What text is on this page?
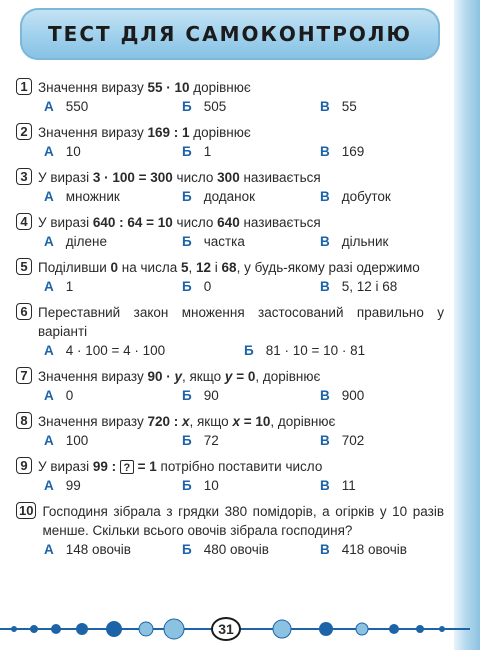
ТЕСТ ДЛЯ САМОКОНТРОЛЮ
1 Значення виразу 55 · 10 дорівнює
А 550	Б 505	В 55
2 Значення виразу 169 : 1 дорівнює
А 10	Б 1	В 169
3 У виразі 3 · 100 = 300 число 300 називається
А множник	Б доданок	В добуток
4 У виразі 640 : 64 = 10 число 640 називається
А ділене	Б частка	В дільник
5 Поділивши 0 на числа 5, 12 і 68, у будь-якому разі одержимо
А 1	Б 0	В 5, 12 і 68
6 Переставний закон множення застосований правильно у варіанті
А 4 · 100 = 4 · 100	Б 81 · 10 = 10 · 81
7 Значення виразу 90 · y, якщо y = 0, дорівнює
А 0	Б 90	В 900
8 Значення виразу 720 : x, якщо x = 10, дорівнює
А 100	Б 72	В 702
9 У виразі 99 : ? = 1 потрібно поставити число
А 99	Б 10	В 11
10 Господиня зібрала з грядки 380 помідорів, а огірків у 10 разів менше. Скільки всього овочів зібрала господиня?
А 148 овочів	Б 480 овочів	В 418 овочів
31
